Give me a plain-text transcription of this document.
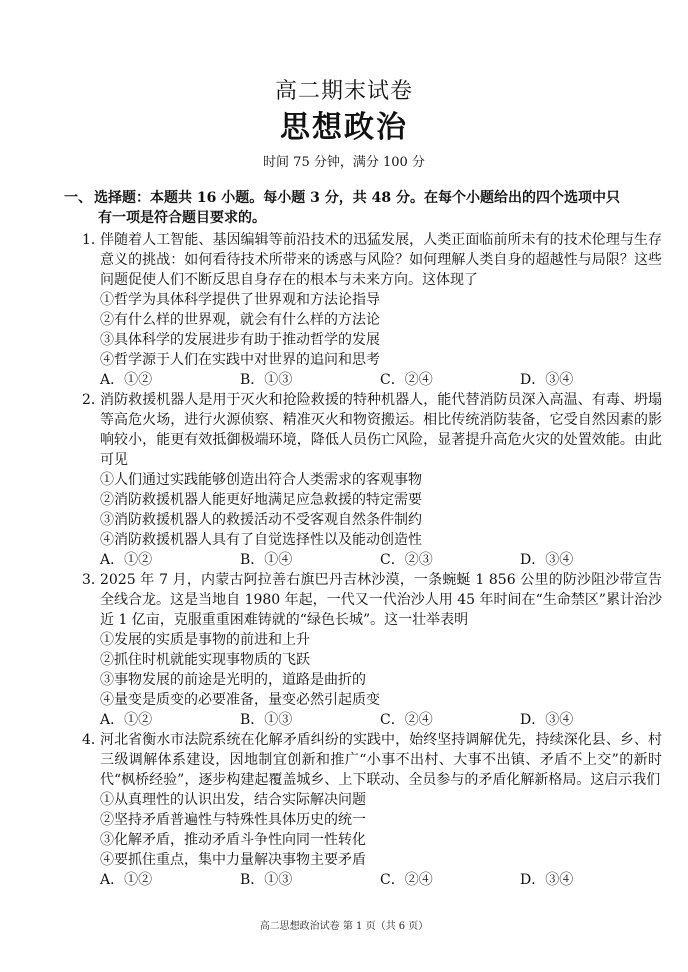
高二期末试卷
思想政治
时间 75 分钟，满分 100 分
一、 选择题：本题共 16 小题。每小题 3 分，共 48 分。在每个小题给出的四个选项中只
有一项是符合题目要求的。
1．伴随着人工智能、基因编辑等前沿技术的迅猛发展，人类正面临前所未有的技术伦理与生存意义的挑战：如何看待技术所带来的诱惑与风险？如何理解人类自身的超越性与局限？这些问题促使人们不断反思自身存在的根本与未来方向。这体现了
①哲学为具体科学提供了世界观和方法论指导
②有什么样的世界观，就会有什么样的方法论
③具体科学的发展进步有助于推动哲学的发展
④哲学源于人们在实践中对世界的追问和思考
A．①②	B．①③	C．②④	D．③④
2．消防救援机器人是用于灭火和抢险救援的特种机器人，能代替消防员深入高温、有毒、坍塌等高危火场，进行火源侦察、精准灭火和物资搬运。相比传统消防装备，它受自然因素的影响较小，能更有效抵御极端环境，降低人员伤亡风险，显著提升高危火灾的处置效能。由此可见
①人们通过实践能够创造出符合人类需求的客观事物
②消防救援机器人能更好地满足应急救援的特定需要
③消防救援机器人的救援活动不受客观自然条件制约
④消防救援机器人具有了自觉选择性以及能动创造性
A．①②	B．①④	C．②③	D．③④
3．2025 年 7 月，内蒙古阿拉善右旗巴丹吉林沙漠，一条蜿蜒 1 856 公里的防沙阻沙带宣告全线合龙。这是当地自 1980 年起，一代又一代治沙人用 45 年时间在“生命禁区”累计治沙近 1 亿亩，克服重重困难铸就的“绿色长城”。这一壮举表明
①发展的实质是事物的前进和上升
②抓住时机就能实现事物质的飞跃
③事物发展的前途是光明的，道路是曲折的
④量变是质变的必要准备，量变必然引起质变
A．①②	B．①③	C．②④	D．③④
4．河北省衡水市法院系统在化解矛盾纠纷的实践中，始终坚持调解优先，持续深化县、乡、村三级调解体系建设，因地制宜创新和推广“小事不出村、大事不出镇、矛盾不上交”的新时代“枫桥经验”，逐步构建起覆盖城乡、上下联动、全员参与的矛盾化解新格局。这启示我们
①从真理性的认识出发，结合实际解决问题
②坚持矛盾普遍性与特殊性具体历史的统一
③化解矛盾，推动矛盾斗争性向同一性转化
④要抓住重点，集中力量解决事物主要矛盾
A．①②	B．①③	C．②④	D．③④
高二思想政治试卷 第 1 页（共 6 页）
